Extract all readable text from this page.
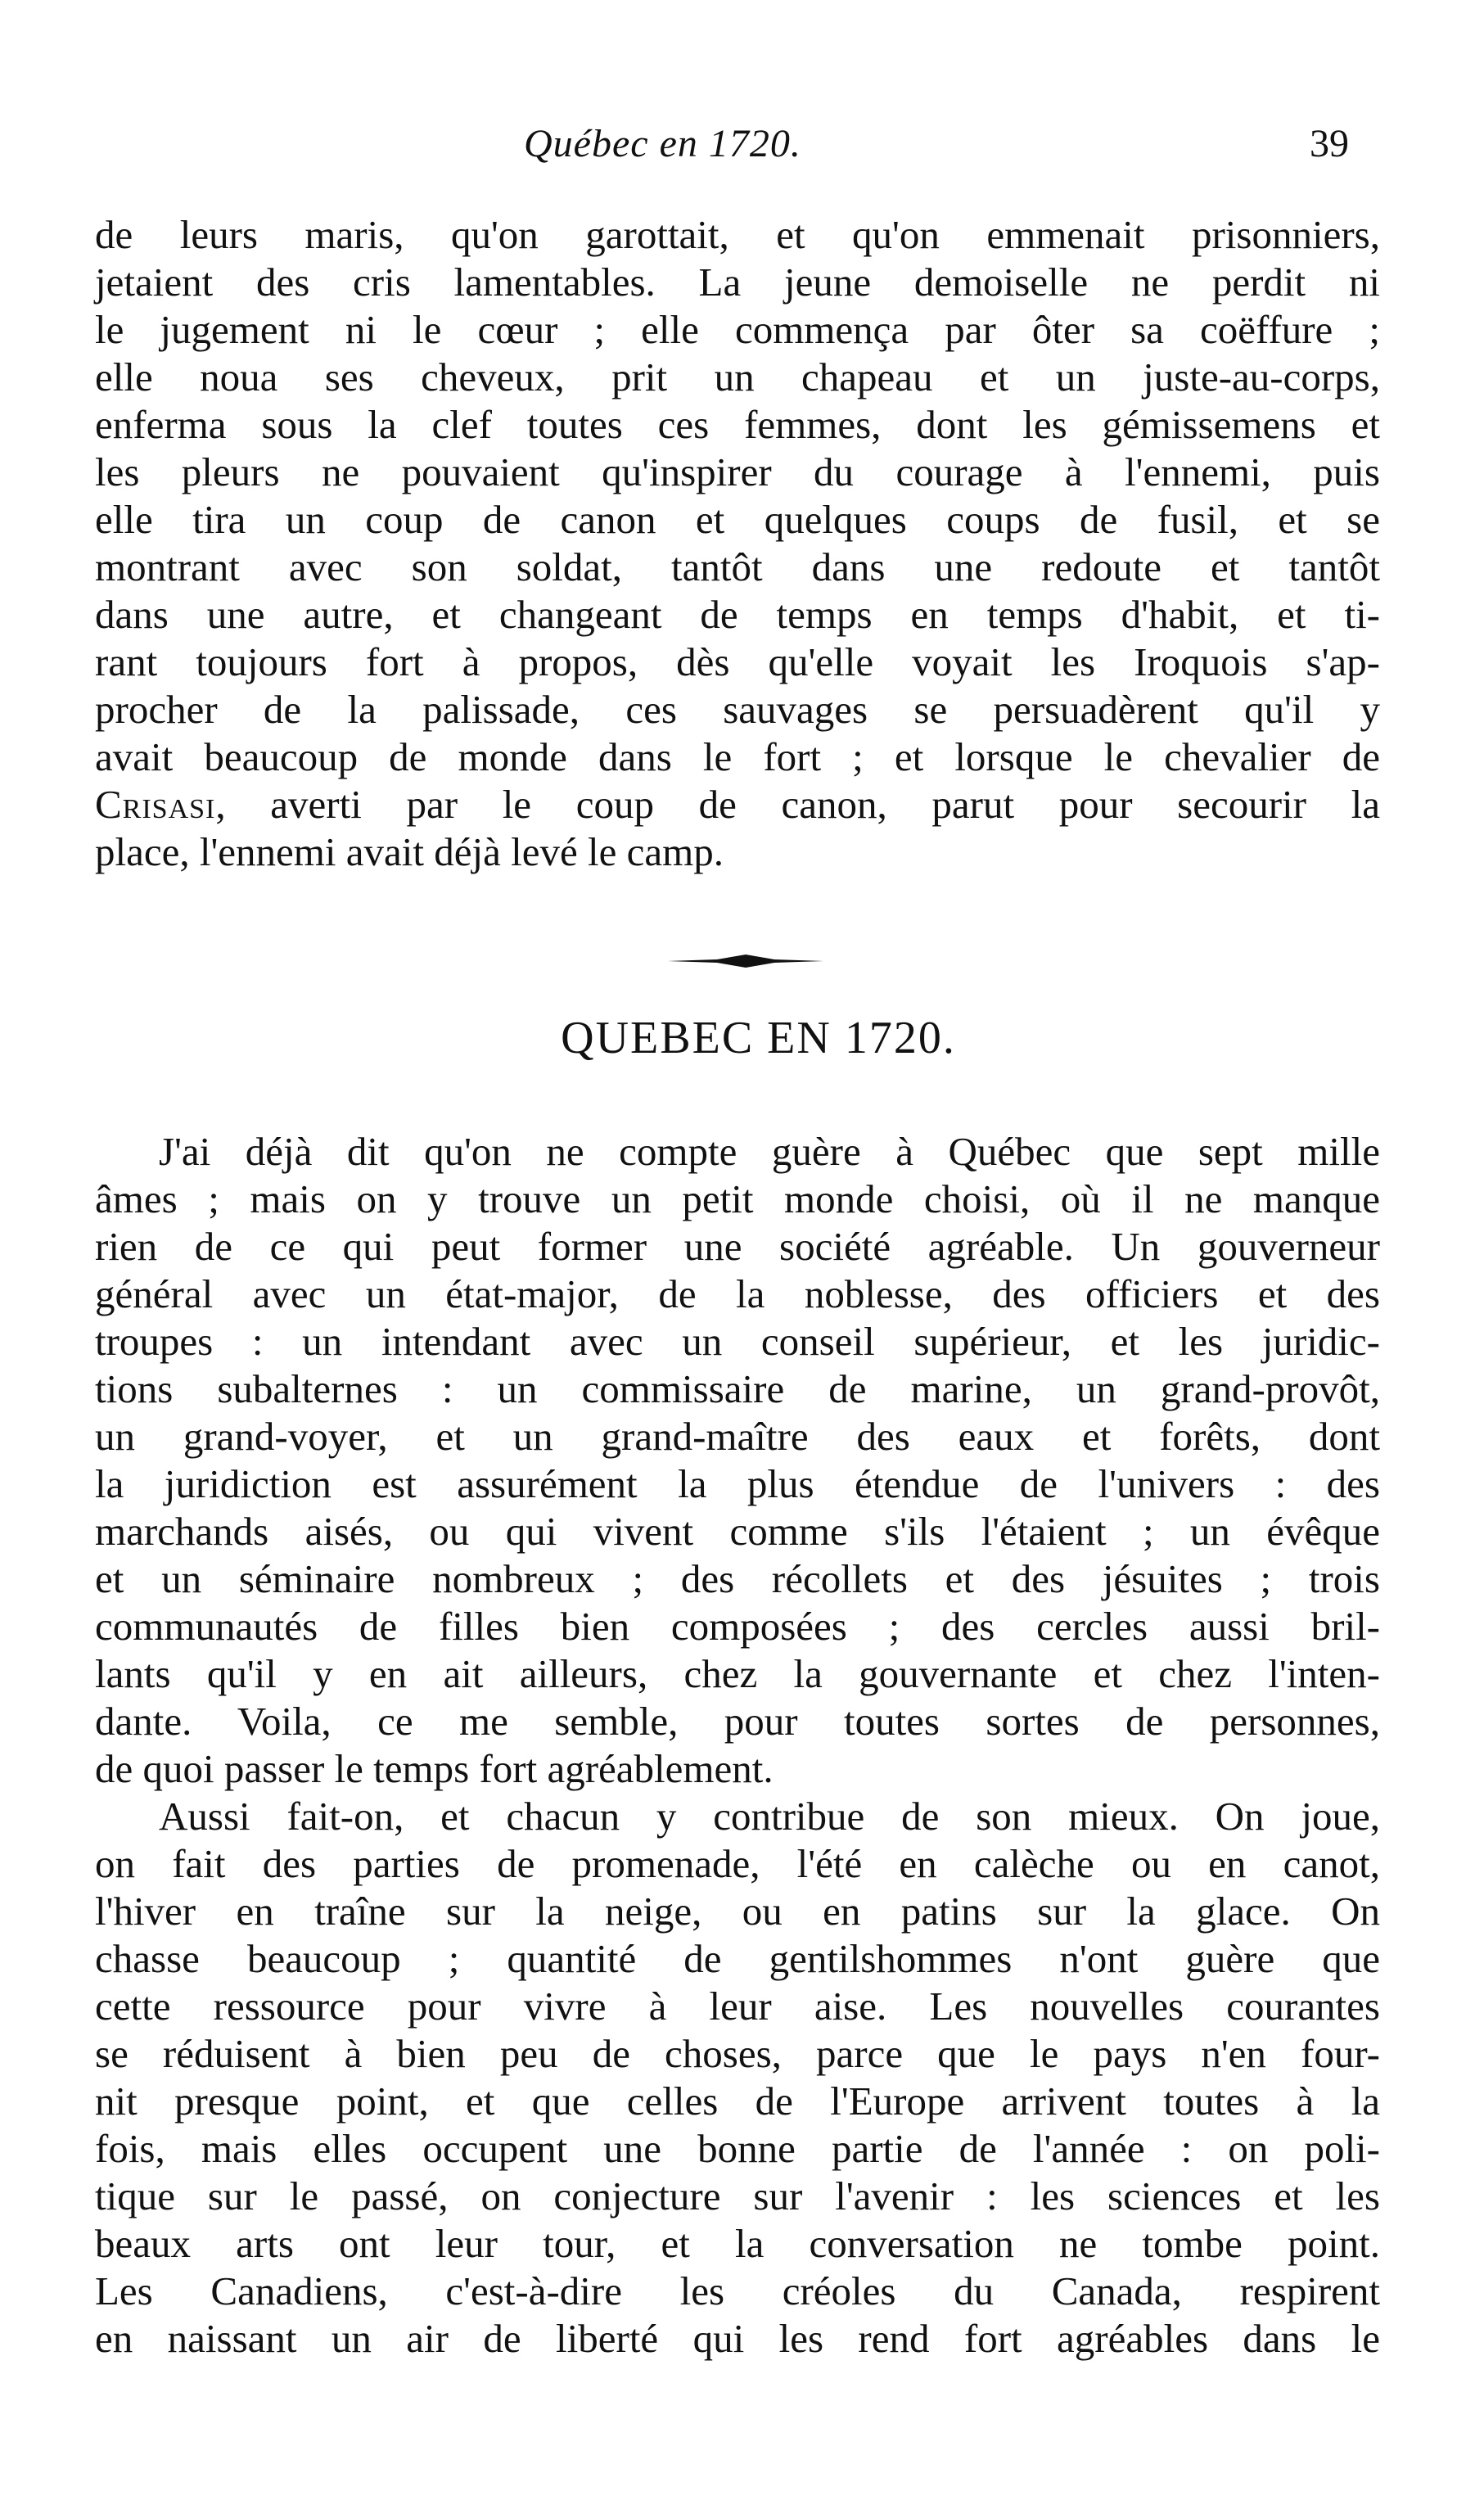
Québec en 1720.	39
de leurs maris, qu'on garottait, et qu'on emmenait prisonniers,
jetaient des cris lamentables. La jeune demoiselle ne perdit ni
le jugement ni le cœur ; elle commença par ôter sa coëffure ;
elle noua ses cheveux, prit un chapeau et un juste-au-corps,
enferma sous la clef toutes ces femmes, dont les gémissemens et
les pleurs ne pouvaient qu'inspirer du courage à l'ennemi, puis
elle tira un coup de canon et quelques coups de fusil, et se
montrant avec son soldat, tantôt dans une redoute et tantôt
dans une autre, et changeant de temps en temps d'habit, et ti-
rant toujours fort à propos, dès qu'elle voyait les Iroquois s'ap-
procher de la palissade, ces sauvages se persuadèrent qu'il y
avait beaucoup de monde dans le fort ; et lorsque le chevalier de
Crisasi, averti par le coup de canon, parut pour secourir la
place, l'ennemi avait déjà levé le camp.
QUEBEC EN 1720.
J'ai déjà dit qu'on ne compte guère à Québec que sept mille
âmes ; mais on y trouve un petit monde choisi, où il ne manque
rien de ce qui peut former une société agréable. Un gouverneur
général avec un état-major, de la noblesse, des officiers et des
troupes : un intendant avec un conseil supérieur, et les juridic-
tions subalternes : un commissaire de marine, un grand-provôt,
un grand-voyer, et un grand-maître des eaux et forêts, dont
la juridiction est assurément la plus étendue de l'univers : des
marchands aisés, ou qui vivent comme s'ils l'étaient ; un évêque
et un séminaire nombreux ; des récollets et des jésuites ; trois
communautés de filles bien composées ; des cercles aussi bril-
lants qu'il y en ait ailleurs, chez la gouvernante et chez l'inten-
dante. Voila, ce me semble, pour toutes sortes de personnes,
de quoi passer le temps fort agréablement.
Aussi fait-on, et chacun y contribue de son mieux. On joue,
on fait des parties de promenade, l'été en calèche ou en canot,
l'hiver en traîne sur la neige, ou en patins sur la glace. On
chasse beaucoup ; quantité de gentilshommes n'ont guère que
cette ressource pour vivre à leur aise. Les nouvelles courantes
se réduisent à bien peu de choses, parce que le pays n'en four-
nit presque point, et que celles de l'Europe arrivent toutes à la
fois, mais elles occupent une bonne partie de l'année : on poli-
tique sur le passé, on conjecture sur l'avenir : les sciences et les
beaux arts ont leur tour, et la conversation ne tombe point.
Les Canadiens, c'est-à-dire les créoles du Canada, respirent
en naissant un air de liberté qui les rend fort agréables dans le
